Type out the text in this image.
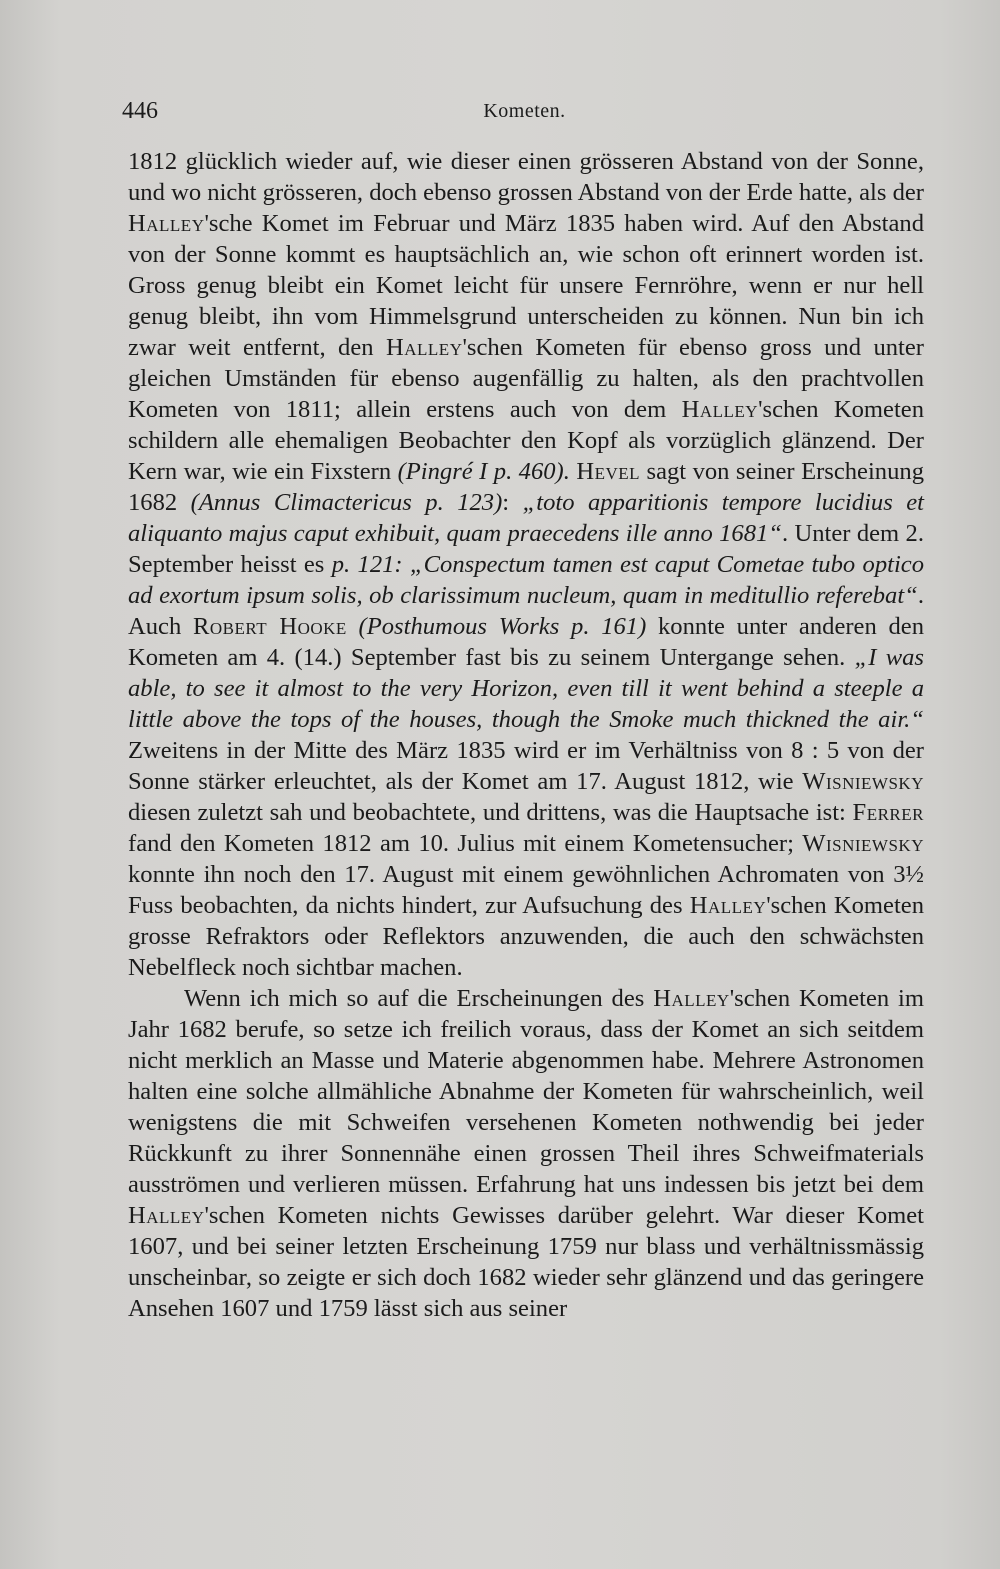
446	Kometen.

1812 glücklich wieder auf, wie dieser einen grösseren Abstand von der Sonne, und wo nicht grösseren, doch ebenso grossen Abstand von der Erde hatte, als der Halley'sche Komet im Februar und März 1835 haben wird. Auf den Abstand von der Sonne kommt es hauptsächlich an, wie schon oft erinnert worden ist. Gross genug bleibt ein Komet leicht für unsere Fernröhre, wenn er nur hell genug bleibt, ihn vom Himmelsgrund unterscheiden zu können. Nun bin ich zwar weit entfernt, den Halley'schen Kometen für ebenso gross und unter gleichen Umständen für ebenso augenfällig zu halten, als den prachtvollen Kometen von 1811; allein erstens auch von dem Halley'schen Kometen schildern alle ehemaligen Beobachter den Kopf als vorzüglich glänzend. Der Kern war, wie ein Fixstern (Pingré I p. 460). Hevel sagt von seiner Erscheinung 1682 (Annus Climactericus p. 123): „toto apparitionis tempore lucidius et aliquanto majus caput exhibuit, quam praecedens ille anno 1681“. Unter dem 2. September heisst es p. 121: „Conspectum tamen est caput Cometae tubo optico ad exortum ipsum solis, ob clarissimum nucleum, quam in meditullio referebat“. Auch Robert Hooke (Posthumous Works p. 161) konnte unter anderen den Kometen am 4. (14.) September fast bis zu seinem Untergange sehen. „I was able, to see it almost to the very Horizon, even till it went behind a steeple a little above the tops of the houses, though the Smoke much thickned the air.“ Zweitens in der Mitte des März 1835 wird er im Verhältniss von 8 : 5 von der Sonne stärker erleuchtet, als der Komet am 17. August 1812, wie Wisniewsky diesen zuletzt sah und beobachtete, und drittens, was die Hauptsache ist: Ferrer fand den Kometen 1812 am 10. Julius mit einem Kometensucher; Wisniewsky konnte ihn noch den 17. August mit einem gewöhnlichen Achromaten von 3½ Fuss beobachten, da nichts hindert, zur Aufsuchung des Halley'schen Kometen grosse Refraktors oder Reflektors anzuwenden, die auch den schwächsten Nebelfleck noch sichtbar machen.

Wenn ich mich so auf die Erscheinungen des Halley'schen Kometen im Jahr 1682 berufe, so setze ich freilich voraus, dass der Komet an sich seitdem nicht merklich an Masse und Materie abgenommen habe. Mehrere Astronomen halten eine solche allmähliche Abnahme der Kometen für wahrscheinlich, weil wenigstens die mit Schweifen versehenen Kometen nothwendig bei jeder Rückkunft zu ihrer Sonnennähe einen grossen Theil ihres Schweifmaterials ausströmen und verlieren müssen. Erfahrung hat uns indessen bis jetzt bei dem Halley'schen Kometen nichts Gewisses darüber gelehrt. War dieser Komet 1607, und bei seiner letzten Erscheinung 1759 nur blass und verhältnissmässig unscheinbar, so zeigte er sich doch 1682 wieder sehr glänzend und das geringere Ansehen 1607 und 1759 lässt sich aus seiner
